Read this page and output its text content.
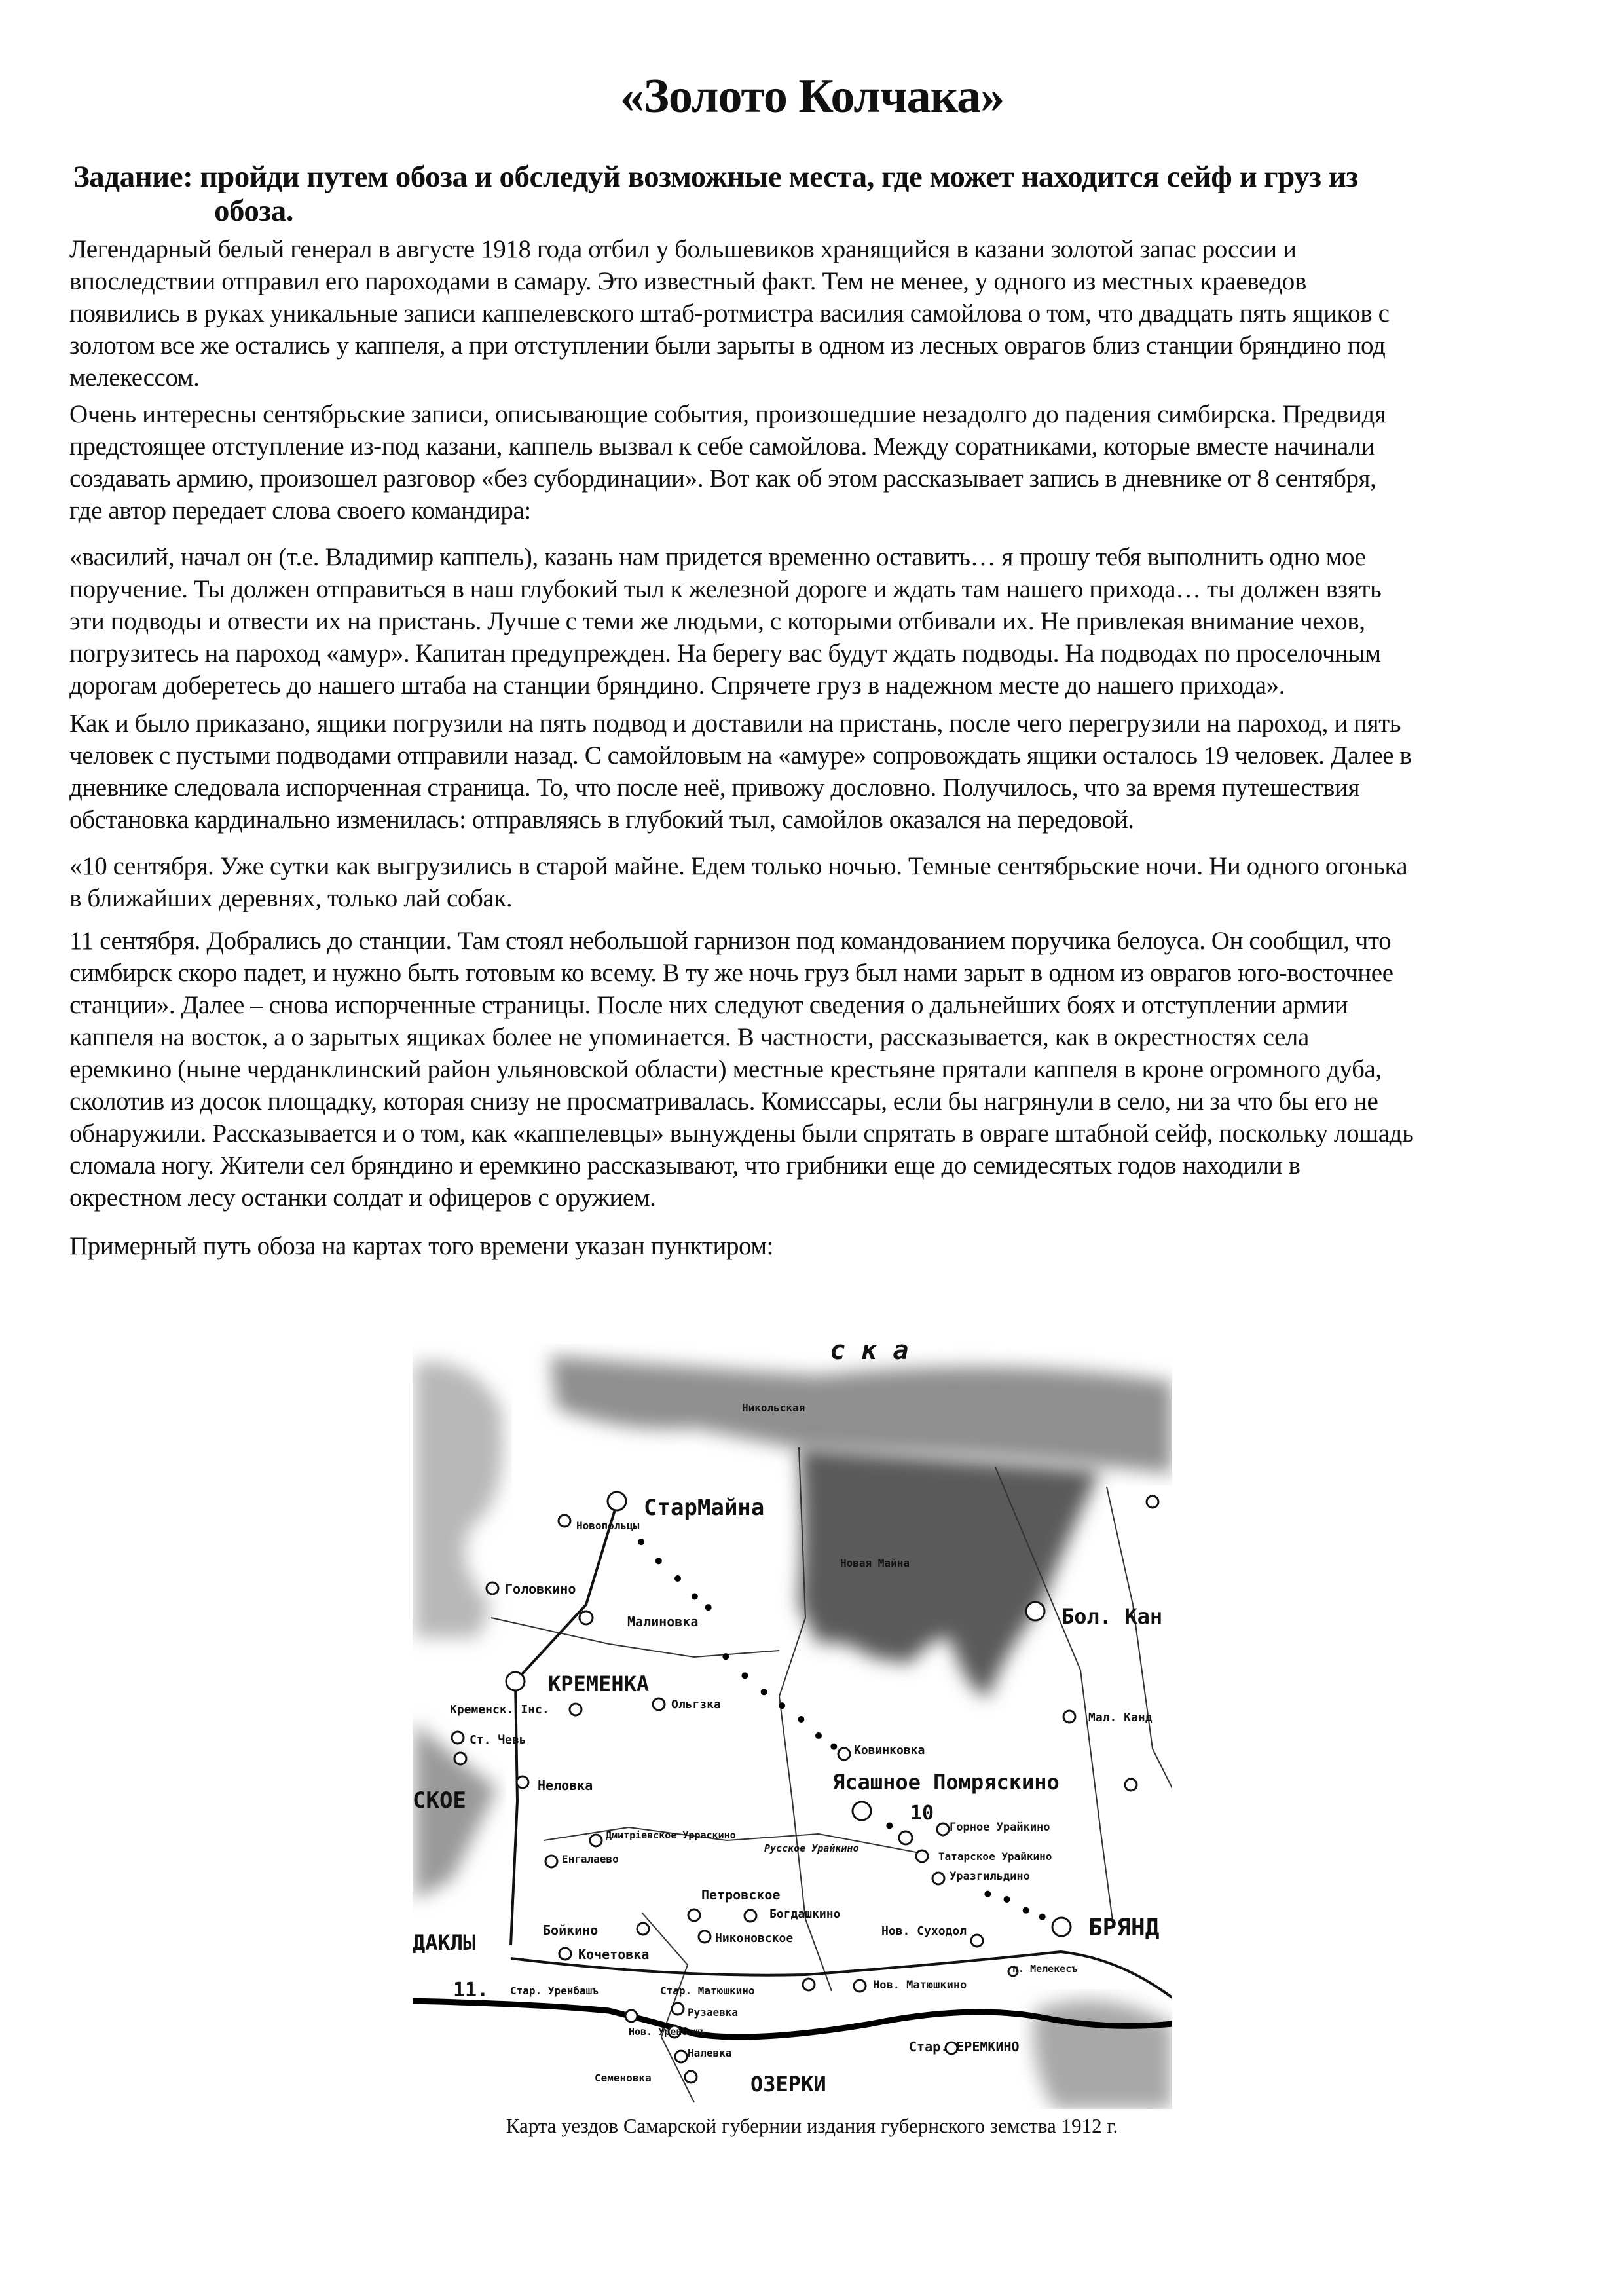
«Золото Колчака»
Задание: пройди путем обоза и обследуй возможные места, где может находится сейф и груз из
обоза.
Легендарный белый генерал в августе 1918 года отбил у большевиков хранящийся в казани золотой запас россии и
впоследствии отправил его пароходами в самару. Это известный факт. Тем не менее, у одного из местных краеведов
появились в руках уникальные записи каппелевского штаб-ротмистра василия самойлова о том, что двадцать пять ящиков с
золотом все же остались у каппеля, а при отступлении были зарыты в одном из лесных оврагов близ станции бряндино под
мелекессом.
Очень интересны сентябрьские записи, описывающие события, произошедшие незадолго до падения симбирска. Предвидя
предстоящее отступление из-под казани, каппель вызвал к себе самойлова. Между соратниками, которые вместе начинали
создавать армию, произошел разговор «без субординации». Вот как об этом рассказывает запись в дневнике от 8 сентября,
где автор передает слова своего командира:
«василий, начал он (т.е. Владимир каппель), казань нам придется временно оставить… я прошу тебя выполнить одно мое
поручение. Ты должен отправиться в наш глубокий тыл к железной дороге и ждать там нашего прихода… ты должен взять
эти подводы и отвести их на пристань. Лучше с теми же людьми, с которыми отбивали их. Не привлекая внимание чехов,
погрузитесь на пароход «амур». Капитан предупрежден. На берегу вас будут ждать подводы. На подводах по проселочным
дорогам доберетесь до нашего штаба на станции бряндино. Спрячете груз в надежном месте до нашего прихода».
Как и было приказано, ящики погрузили на пять подвод и доставили на пристань, после чего перегрузили на пароход, и пять
человек с пустыми подводами отправили назад. С самойловым на «амуре» сопровождать ящики осталось 19 человек. Далее в
дневнике следовала испорченная страница. То, что после неё, привожу дословно. Получилось, что за время путешествия
обстановка кардинально изменилась: отправляясь в глубокий тыл, самойлов оказался на передовой.
«10 сентября. Уже сутки как выгрузились в старой майне. Едем только ночью. Темные сентябрьские ночи. Ни одного огонька
в ближайших деревнях, только лай собак.
11 сентября. Добрались до станции. Там стоял небольшой гарнизон под командованием поручика белоуса. Он сообщил, что
симбирск скоро падет, и нужно быть готовым ко всему. В ту же ночь груз был нами зарыт в одном из оврагов юго-восточнее
станции». Далее – снова испорченные страницы. После них следуют сведения о дальнейших боях и отступлении армии
каппеля на восток, а о зарытых ящиках более не упоминается. В частности, рассказывается, как в окрестностях села
еремкино (ныне черданклинский район ульяновской области) местные крестьяне прятали каппеля в кроне огромного дуба,
сколотив из досок площадку, которая снизу не просматривалась. Комиссары, если бы нагрянули в село, ни за что бы его не
обнаружили. Рассказывается и о том, как «каппелевцы» вынуждены были спрятать в овраге штабной сейф, поскольку лошадь
сломала ногу. Жители сел бряндино и еремкино рассказывают, что грибники еще до семидесятых годов находили в
окрестном лесу останки солдат и офицеров с оружием.
Примерный путь обоза на картах того времени указан пунктиром:
с к а
Никольская
Новая Майна
СтарМайна
Новопольцы
Головкино
Малиновка
КРЕМЕНКА
Кременск. Інс.	Ольгзка
Ст. Чевь
Неловка
СКОЕ
Ковинковка
Ясашное Помряскино
10
Горное Урайкино
Русское Урайкино
Татарское Урайкино
Уразгильдино
Дмитріевское Урраскино
Енгалаево
Петровское
Богдашкино
Бойкино
Никоновское
Нов. Суходол	БРЯНД
Кочетовка
ДАКЛЫ
11. Стар. Уренбашъ	Стар. Матюшкино	Нов. Матюшкино
п. Мелекесъ
Рузаевка
Нов. Уренбашъ
Налевка
Семеновка	ОЗЕРКИ
Стар. ЕРЕМКИНО
Бол. Кан
Мал. Канд
Карта уездов Самарской губернии издания губернского земства 1912 г.
